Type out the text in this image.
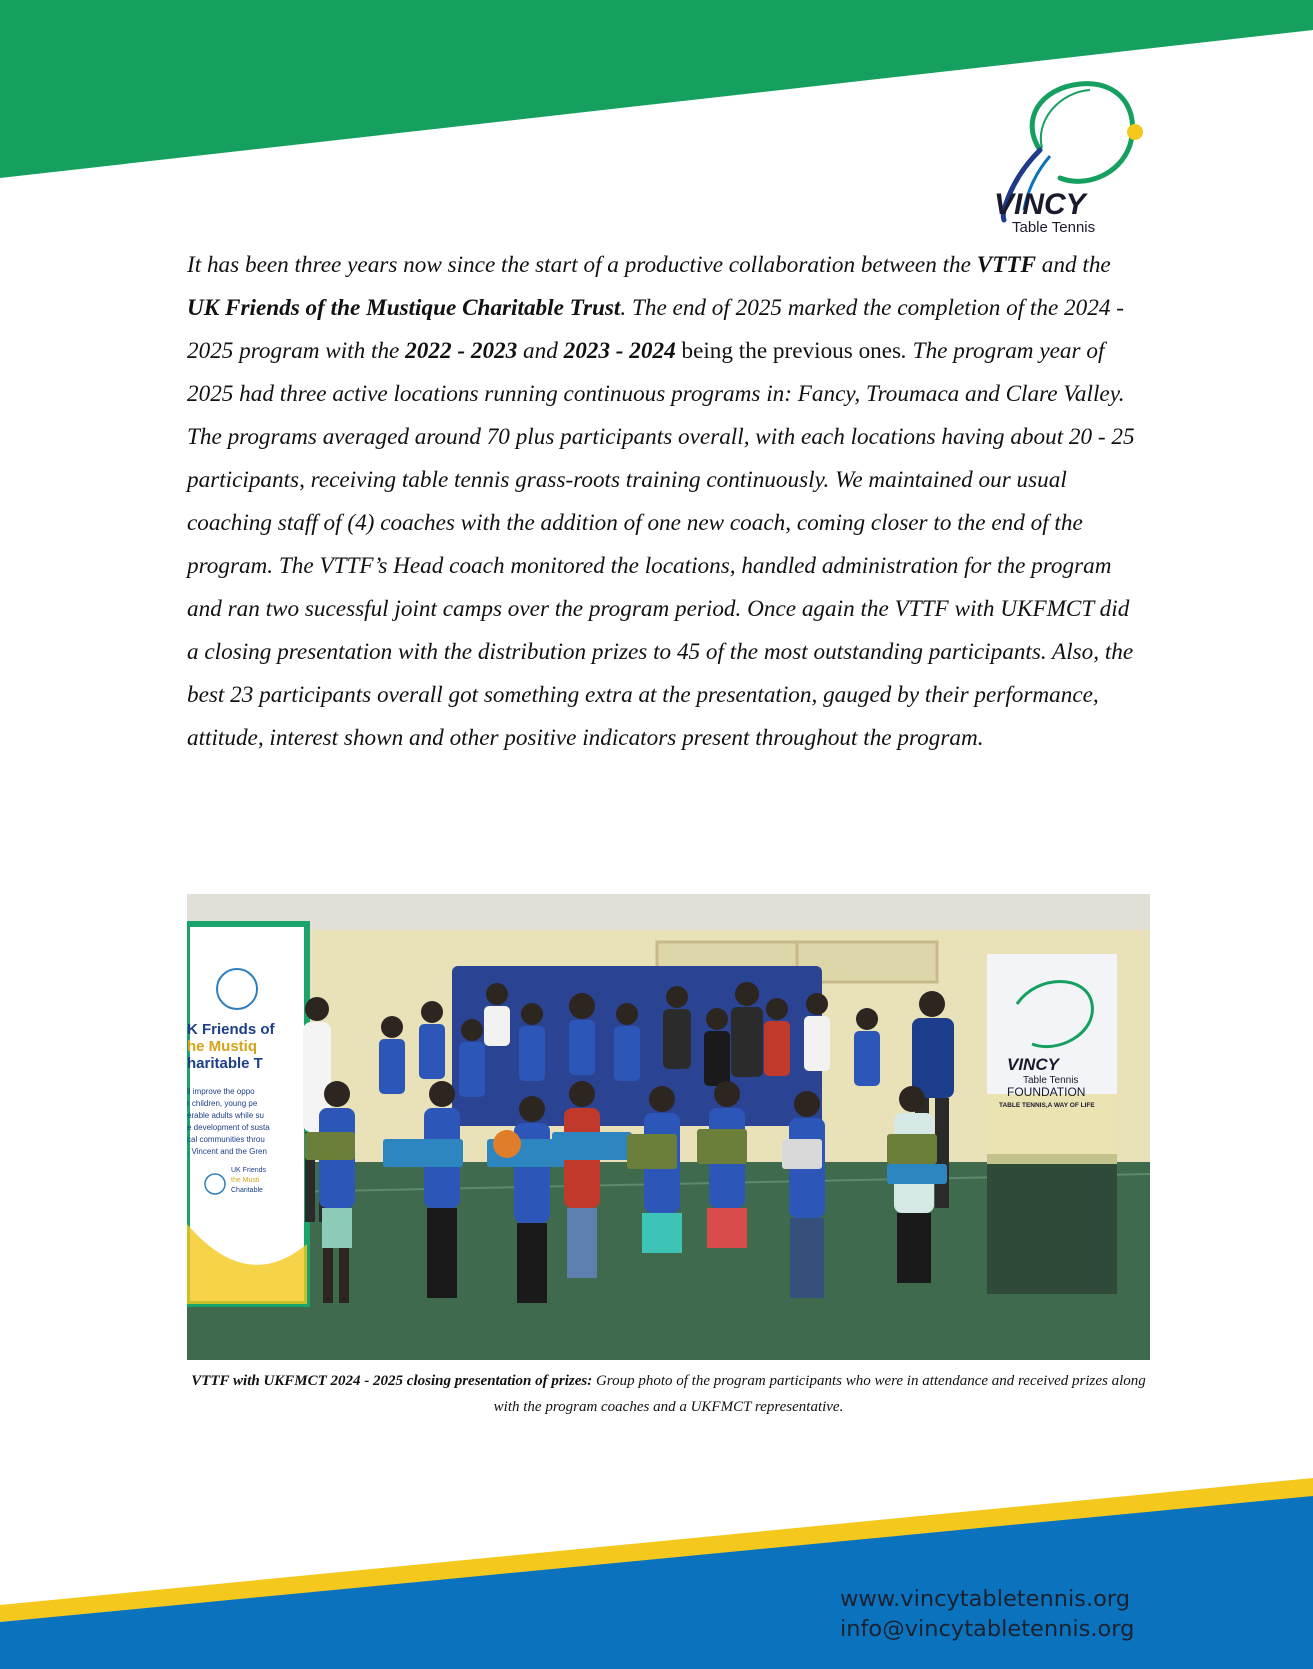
VINCY
Table Tennis

It has been three years now since the start of a productive collaboration between the VTTF and the UK Friends of the Mustique Charitable Trust. The end of 2025 marked the completion of the 2024 - 2025 program with the 2022 - 2023 and 2023 - 2024 being the previous ones. The program year of 2025 had three active locations running continuous programs in: Fancy, Troumaca and Clare Valley. The programs averaged around 70 plus participants overall, with each locations having about 20 - 25 participants, receiving table tennis grass-roots training continuously. We maintained our usual coaching staff of (4) coaches with the addition of one new coach, coming closer to the end of the program. The VTTF’s Head coach monitored the locations, handled administration for the program and ran two sucessful joint camps over the program period. Once again the VTTF with UKFMCT did a closing presentation with the distribution prizes to 45 of the most outstanding participants. Also, the best 23 participants overall got something extra at the presentation, gauged by their performance, attitude, interest shown and other positive indicators present throughout the program.

K Friends of
he Mustiq
haritable T
ll improve the oppo
r children, young pe
erable adults while su
e development of susta
cal communities throu
. Vincent and the Gren
UK Friends
the Musti
Charitable
VINCY
Table Tennis
FOUNDATION
TABLE TENNIS,A WAY OF LIFE
VTTF with UKFMCT 2024 - 2025 closing presentation of prizes: Group photo of the program participants who were in attendance and received prizes along with the program coaches and a UKFMCT representative.
www.vincytabletennis.org
info@vincytabletennis.org
